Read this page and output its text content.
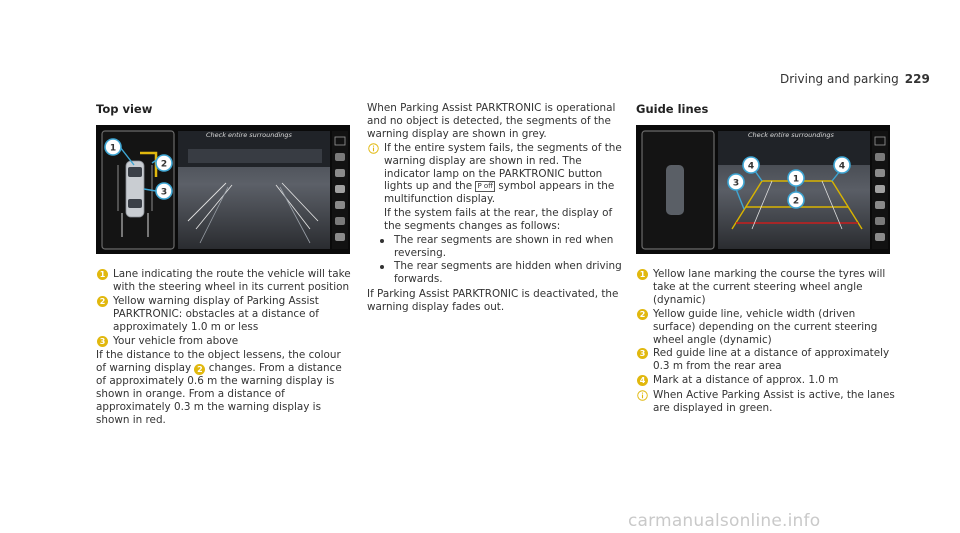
Driving and parking 229
Top view
Check entire surroundings
1
2
3
1 Lane indicating the route the vehicle will take with the steering wheel in its current position
2 Yellow warning display of Parking Assist PARKTRONIC: obstacles at a distance of approximately 1.0 m or less
3 Your vehicle from above
If the distance to the object lessens, the colour of warning display 2 changes. From a distance of approximately 0.6 m the warning display is shown in orange. From a distance of approximately 0.3 m the warning display is shown in red.
When Parking Assist PARKTRONIC is operational and no object is detected, the segments of the warning display are shown in grey.
If the entire system fails, the segments of the warning display are shown in red. The indicator lamp on the PARKTRONIC button lights up and the P off symbol appears in the multifunction display.
If the system fails at the rear, the display of the segments changes as follows:
The rear segments are shown in red when reversing.
The rear segments are hidden when driving forwards.
If Parking Assist PARKTRONIC is deactivated, the warning display fades out.
Guide lines
Check entire surroundings
4	4
1
3
2
1 Yellow lane marking the course the tyres will take at the current steering wheel angle (dynamic)
2 Yellow guide line, vehicle width (driven surface) depending on the current steering wheel angle (dynamic)
3 Red guide line at a distance of approximately 0.3 m from the rear area
4 Mark at a distance of approx. 1.0 m
When Active Parking Assist is active, the lanes are displayed in green.
carmanualsonline.info
